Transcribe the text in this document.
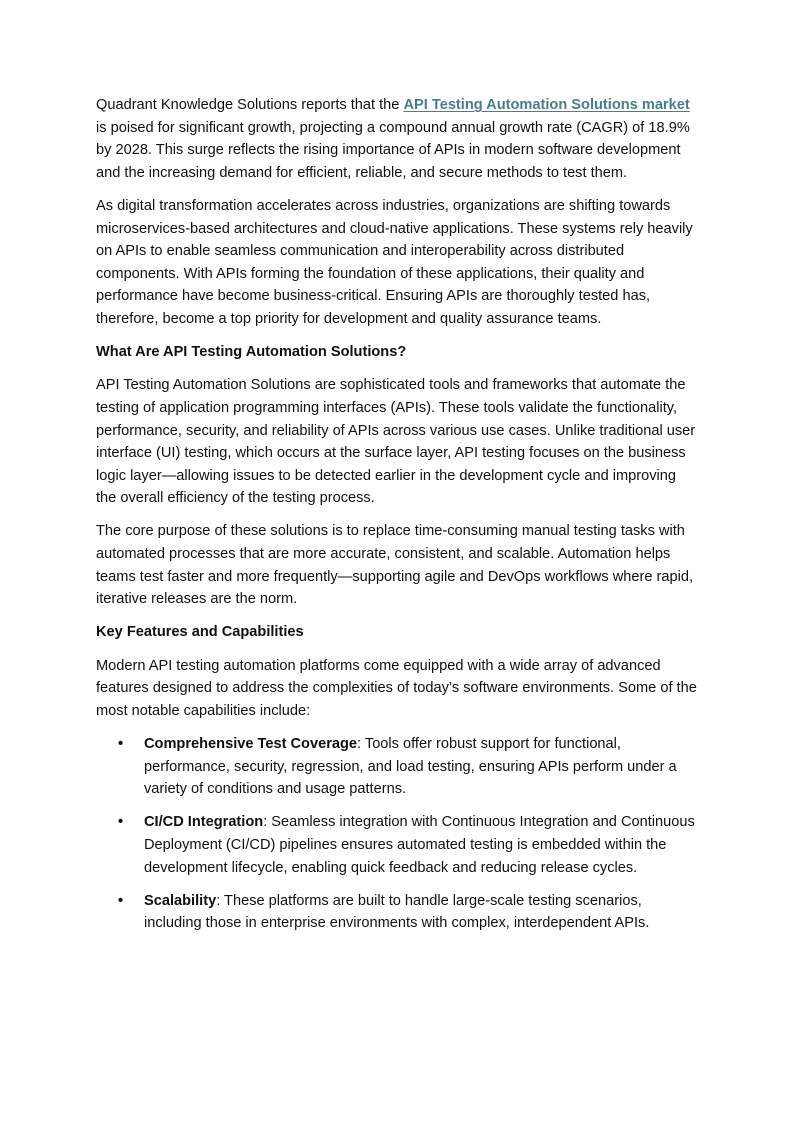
Quadrant Knowledge Solutions reports that the API Testing Automation Solutions market is poised for significant growth, projecting a compound annual growth rate (CAGR) of 18.9% by 2028. This surge reflects the rising importance of APIs in modern software development and the increasing demand for efficient, reliable, and secure methods to test them.

As digital transformation accelerates across industries, organizations are shifting towards microservices-based architectures and cloud-native applications. These systems rely heavily on APIs to enable seamless communication and interoperability across distributed components. With APIs forming the foundation of these applications, their quality and performance have become business-critical. Ensuring APIs are thoroughly tested has, therefore, become a top priority for development and quality assurance teams.

What Are API Testing Automation Solutions?

API Testing Automation Solutions are sophisticated tools and frameworks that automate the testing of application programming interfaces (APIs). These tools validate the functionality, performance, security, and reliability of APIs across various use cases. Unlike traditional user interface (UI) testing, which occurs at the surface layer, API testing focuses on the business logic layer—allowing issues to be detected earlier in the development cycle and improving the overall efficiency of the testing process.

The core purpose of these solutions is to replace time-consuming manual testing tasks with automated processes that are more accurate, consistent, and scalable. Automation helps teams test faster and more frequently—supporting agile and DevOps workflows where rapid, iterative releases are the norm.

Key Features and Capabilities

Modern API testing automation platforms come equipped with a wide array of advanced features designed to address the complexities of today’s software environments. Some of the most notable capabilities include:

• Comprehensive Test Coverage: Tools offer robust support for functional, performance, security, regression, and load testing, ensuring APIs perform under a variety of conditions and usage patterns.
• CI/CD Integration: Seamless integration with Continuous Integration and Continuous Deployment (CI/CD) pipelines ensures automated testing is embedded within the development lifecycle, enabling quick feedback and reducing release cycles.
• Scalability: These platforms are built to handle large-scale testing scenarios, including those in enterprise environments with complex, interdependent APIs.
